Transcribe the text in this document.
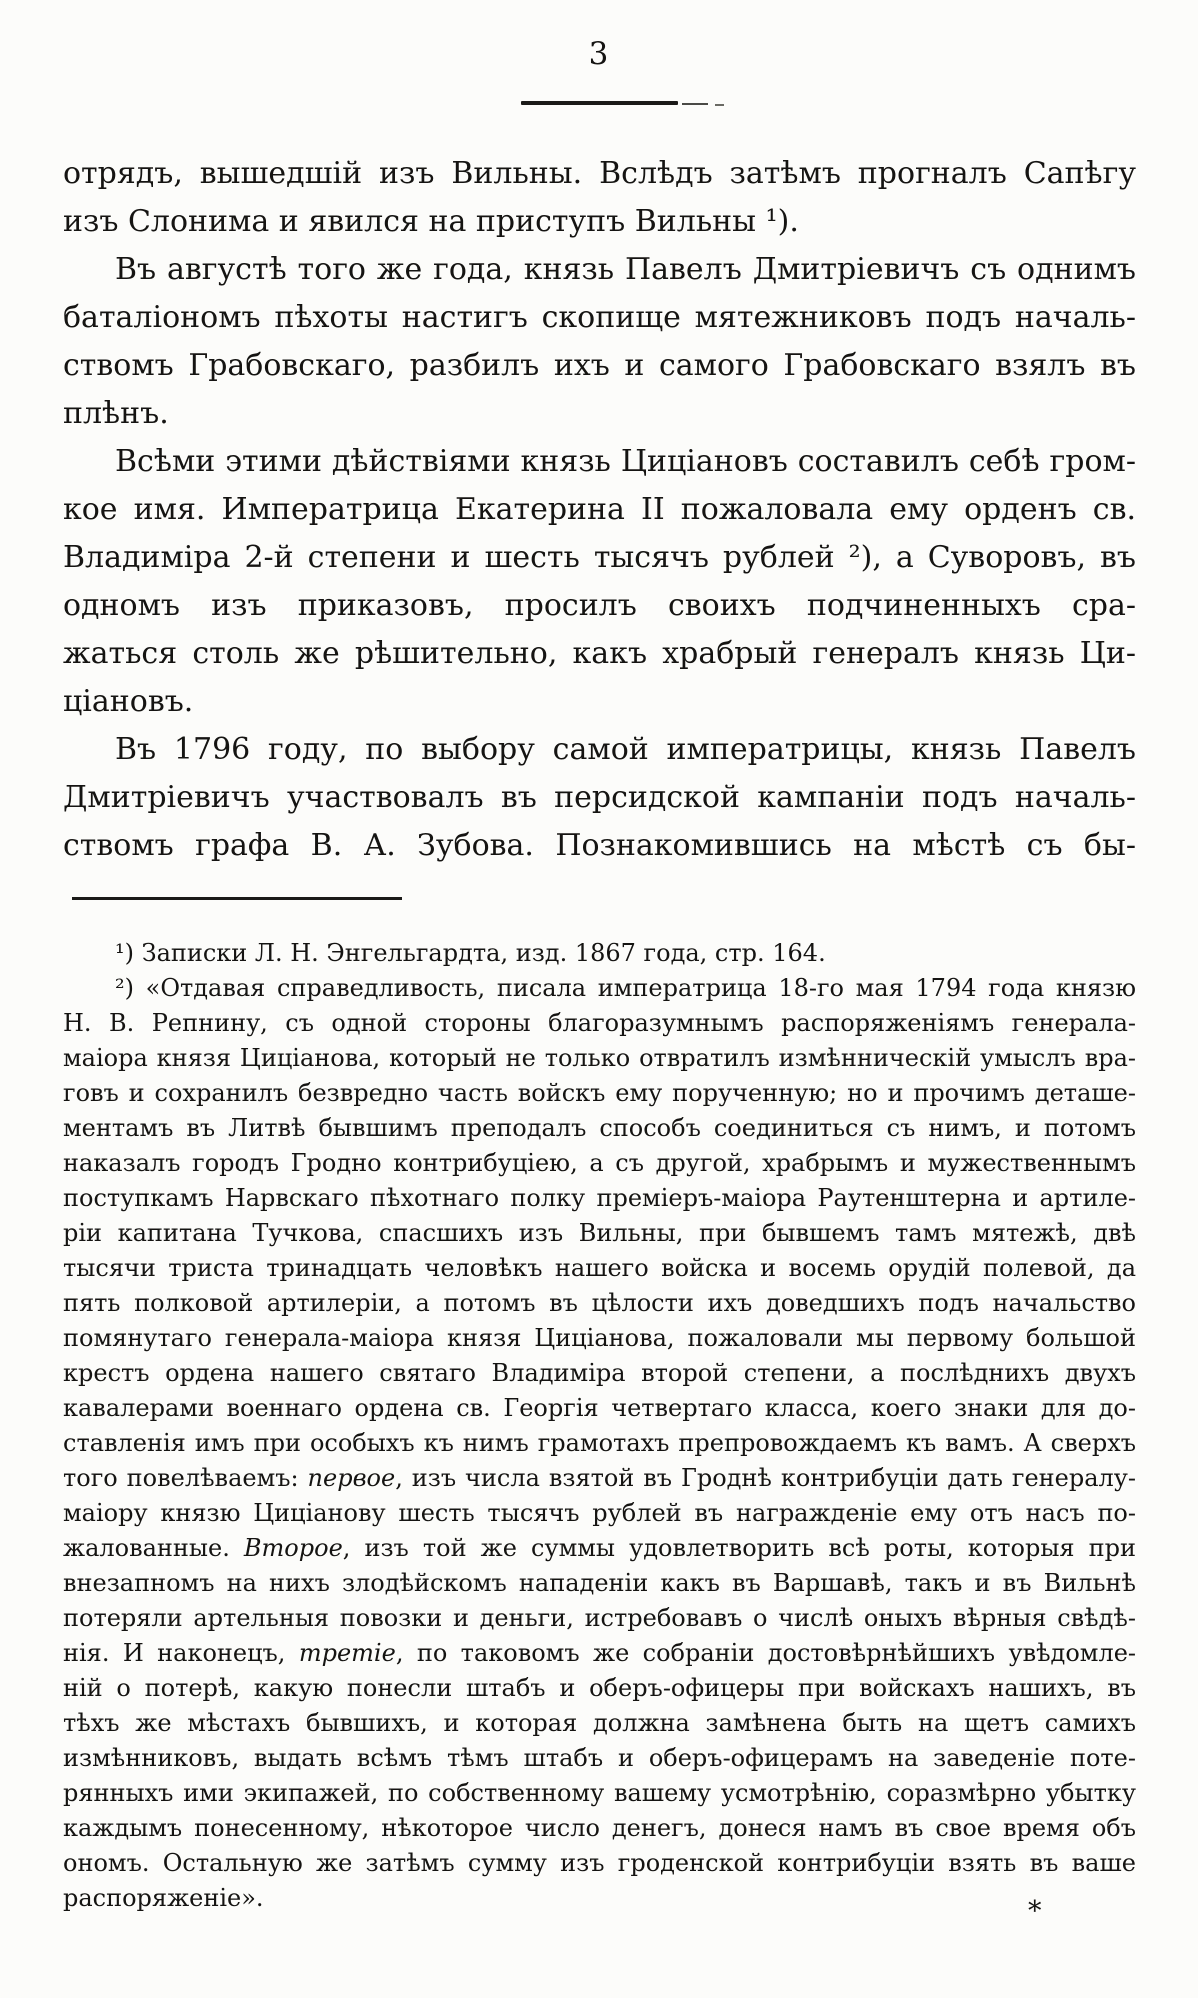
3
отрядъ, вышедшій изъ Вильны. Вслѣдъ затѣмъ прогналъ Сапѣгу
изъ Слонима и явился на приступъ Вильны ¹).
Въ августѣ того же года, князь Павелъ Дмитріевичъ съ однимъ
баталіономъ пѣхоты настигъ скопище мятежниковъ подъ началь-
ствомъ Грабовскаго, разбилъ ихъ и самого Грабовскаго взялъ въ
плѣнъ.
Всѣми этими дѣйствіями князь Циціановъ составилъ себѣ гром-
кое имя. Императрица Екатерина II пожаловала ему орденъ св.
Владиміра 2-й степени и шесть тысячъ рублей ²), а Суворовъ, въ
одномъ изъ приказовъ, просилъ своихъ подчиненныхъ сра-
жаться столь же рѣшительно, какъ храбрый генералъ князь Ци-
ціановъ.
Въ 1796 году, по выбору самой императрицы, князь Павелъ
Дмитріевичъ участвовалъ въ персидской кампаніи подъ началь-
ствомъ графа В. А. Зубова. Познакомившись на мѣстѣ съ бы-
¹) Записки Л. Н. Энгельгардта, изд. 1867 года, стр. 164.
²) «Отдавая справедливость, писала императрица 18-го мая 1794 года князю
Н. В. Репнину, съ одной стороны благоразумнымъ распоряженіямъ генерала-
маіора князя Циціанова, который не только отвратилъ измѣнническій умыслъ вра-
говъ и сохранилъ безвредно часть войскъ ему порученную; но и прочимъ деташе-
ментамъ въ Литвѣ бывшимъ преподалъ способъ соединиться съ нимъ, и потомъ
наказалъ городъ Гродно контрибуціею, а съ другой, храбрымъ и мужественнымъ
поступкамъ Нарвскаго пѣхотнаго полку преміеръ-маіора Раутенштерна и артиле-
ріи капитана Тучкова, спасшихъ изъ Вильны, при бывшемъ тамъ мятежѣ, двѣ
тысячи триста тринадцать человѣкъ нашего войска и восемь орудій полевой, да
пять полковой артилеріи, а потомъ въ цѣлости ихъ доведшихъ подъ начальство
помянутаго генерала-маіора князя Циціанова, пожаловали мы первому большой
крестъ ордена нашего святаго Владиміра второй степени, а послѣднихъ двухъ
кавалерами военнаго ордена св. Георгія четвертаго класса, коего знаки для до-
ставленія имъ при особыхъ къ нимъ грамотахъ препровождаемъ къ вамъ. А сверхъ
того повелѣваемъ: первое, изъ числа взятой въ Гроднѣ контрибуціи дать генералу-
маіору князю Циціанову шесть тысячъ рублей въ награжденіе ему отъ насъ по-
жалованные. Второе, изъ той же суммы удовлетворить всѣ роты, которыя при
внезапномъ на нихъ злодѣйскомъ нападеніи какъ въ Варшавѣ, такъ и въ Вильнѣ
потеряли артельныя повозки и деньги, истребовавъ о числѣ оныхъ вѣрныя свѣдѣ-
нія. И наконецъ, третіе, по таковомъ же собраніи достовѣрнѣйшихъ увѣдомле-
ній о потерѣ, какую понесли штабъ и оберъ-офицеры при войскахъ нашихъ, въ
тѣхъ же мѣстахъ бывшихъ, и которая должна замѣнена быть на щетъ самихъ
измѣнниковъ, выдать всѣмъ тѣмъ штабъ и оберъ-офицерамъ на заведеніе поте-
рянныхъ ими экипажей, по собственному вашему усмотрѣнію, соразмѣрно убытку
каждымъ понесенному, нѣкоторое число денегъ, донеся намъ въ свое время объ
ономъ. Остальную же затѣмъ сумму изъ гроденской контрибуціи взять въ ваше
распоряженіе».	*
